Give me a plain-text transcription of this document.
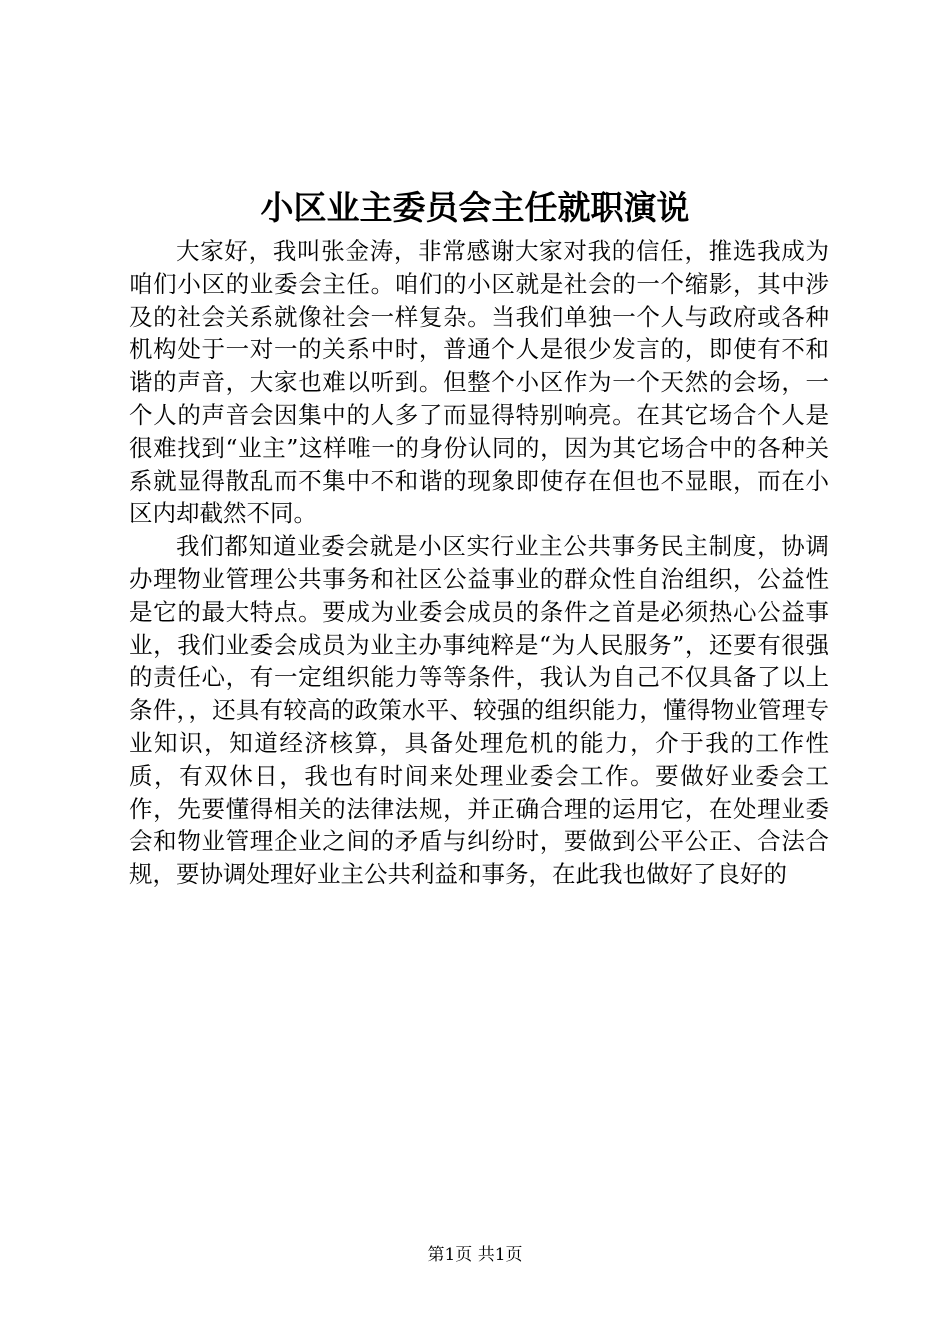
小区业主委员会主任就职演说

大家好，我叫张金涛，非常感谢大家对我的信任，推选我成为咱们小区的业委会主任。咱们的小区就是社会的一个缩影，其中涉及的社会关系就像社会一样复杂。当我们单独一个人与政府或各种机构处于一对一的关系中时，普通个人是很少发言的，即使有不和谐的声音，大家也难以听到。但整个小区作为一个天然的会场，一个人的声音会因集中的人多了而显得特别响亮。在其它场合个人是很难找到“业主”这样唯一的身份认同的，因为其它场合中的各种关系就显得散乱而不集中不和谐的现象即使存在但也不显眼，而在小区内却截然不同。

我们都知道业委会就是小区实行业主公共事务民主制度，协调办理物业管理公共事务和社区公益事业的群众性自治组织，公益性是它的最大特点。要成为业委会成员的条件之首是必须热心公益事业，我们业委会成员为业主办事纯粹是“为人民服务”，还要有很强的责任心，有一定组织能力等等条件，我认为自己不仅具备了以上条件，，还具有较高的政策水平、较强的组织能力，懂得物业管理专业知识，知道经济核算，具备处理危机的能力，介于我的工作性质，有双休日，我也有时间来处理业委会工作。要做好业委会工作，先要懂得相关的法律法规，并正确合理的运用它，在处理业委会和物业管理企业之间的矛盾与纠纷时，要做到公平公正、合法合规，要协调处理好业主公共利益和事务，在此我也做好了良好的

第1页 共1页
